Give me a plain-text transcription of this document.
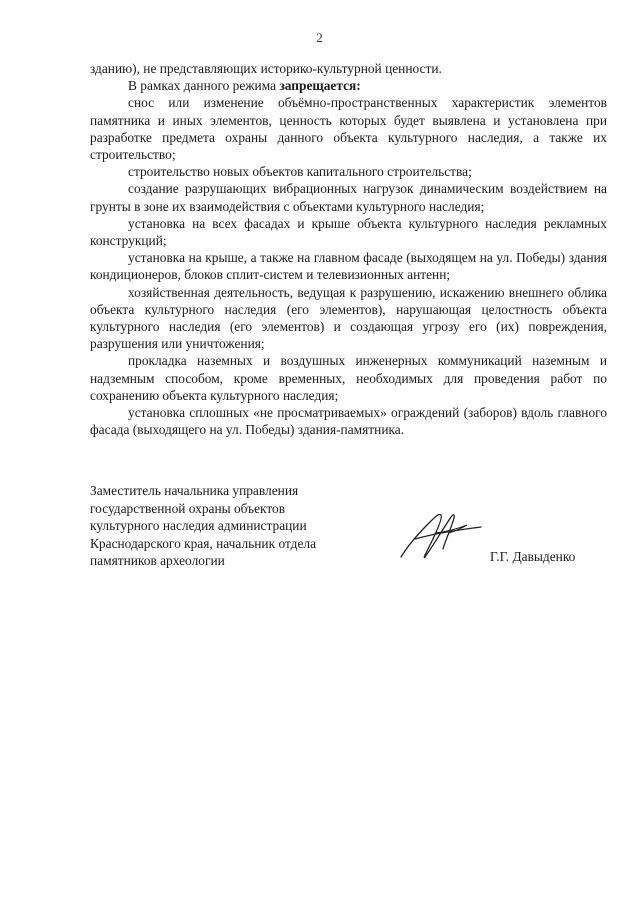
2

зданию), не представляющих историко-культурной ценности.

В рамках данного режима запрещается:

снос или изменение объёмно-пространственных характеристик элементов памятника и иных элементов, ценность которых будет выявлена и установлена при разработке предмета охраны данного объекта культурного наследия, а также их строительство;

строительство новых объектов капитального строительства;

создание разрушающих вибрационных нагрузок динамическим воздействием на грунты в зоне их взаимодействия с объектами культурного наследия;

установка на всех фасадах и крыше объекта культурного наследия рекламных конструкций;

установка на крыше, а также на главном фасаде (выходящем на ул. Победы) здания кондиционеров, блоков сплит-систем и телевизионных антенн;

хозяйственная деятельность, ведущая к разрушению, искажению внешнего облика объекта культурного наследия (его элементов), нарушающая целостность объекта культурного наследия (его элементов) и создающая угрозу его (их) повреждения, разрушения или уничтожения;

прокладка наземных и воздушных инженерных коммуникаций наземным и надземным способом, кроме временных, необходимых для проведения работ по сохранению объекта культурного наследия;

установка сплошных «не просматриваемых» ограждений (заборов) вдоль главного фасада (выходящего на ул. Победы) здания-памятника.

Заместитель начальника управления
государственной охраны объектов
культурного наследия администрации
Краснодарского края, начальник отдела
памятников археологии	Г.Г. Давыденко
